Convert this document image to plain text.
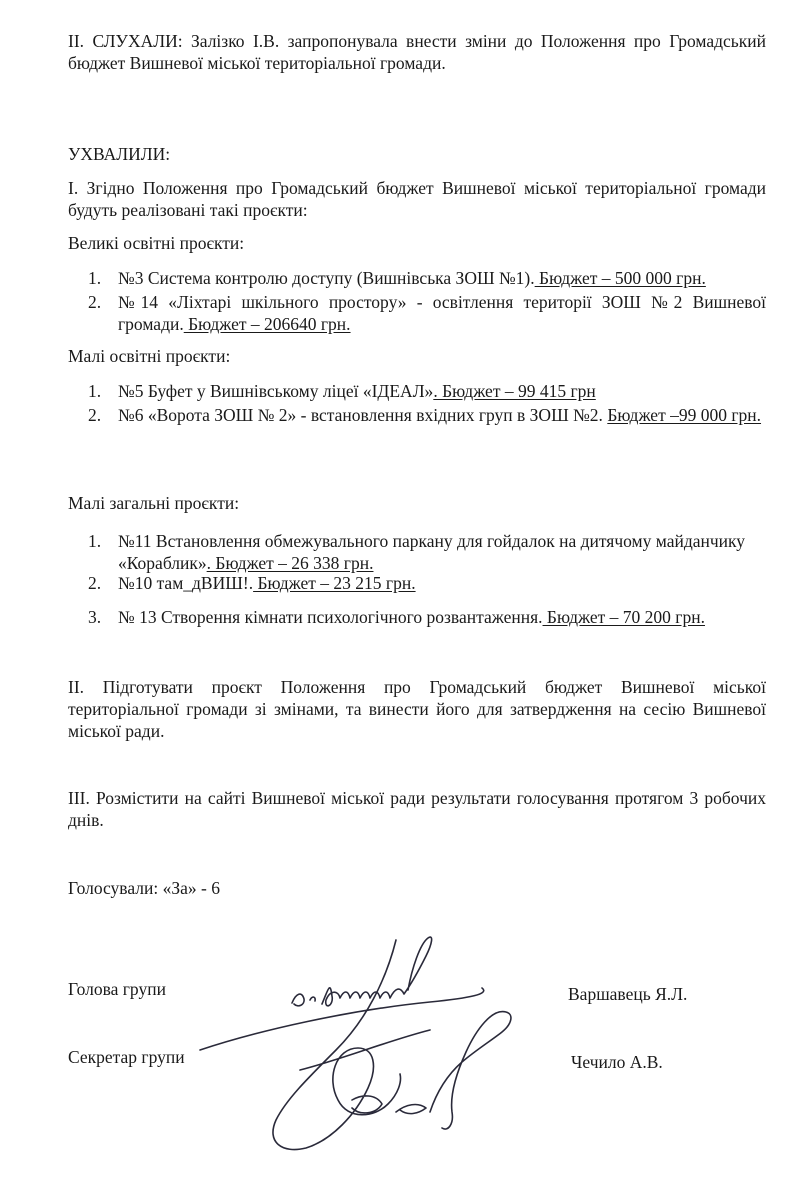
ІІ. СЛУХАЛИ: Залізко І.В. запропонувала внести зміни до Положення про Громадський бюджет Вишневої міської територіальної громади.

УХВАЛИЛИ:

І. Згідно Положення про Громадський бюджет Вишневої міської територіальної громади будуть реалізовані такі проєкти:

Великі освітні проєкти:

1. №3 Система контролю доступу (Вишнівська ЗОШ №1). Бюджет – 500 000 грн.
2. №14 «Ліхтарі шкільного простору» - освітлення території ЗОШ №2 Вишневої громади. Бюджет – 206640 грн.

Малі освітні проєкти:

1. №5 Буфет у Вишнівському ліцеї «ІДЕАЛ». Бюджет – 99 415 грн
2. №6 «Ворота ЗОШ № 2» - встановлення вхідних груп в ЗОШ №2. Бюджет –99 000 грн.

Малі загальні проєкти:

1. №11 Встановлення обмежувального паркану для гойдалок на дитячому майданчику «Кораблик». Бюджет – 26 338 грн.
2. №10 там_дВИШ!. Бюджет – 23 215 грн.
3. № 13 Створення кімнати психологічного розвантаження. Бюджет – 70 200 грн.

ІІ. Підготувати проєкт Положення про Громадський бюджет Вишневої міської територіальної громади зі змінами, та винести його для затвердження на сесію Вишневої міської ради.

ІІІ. Розмістити на сайті Вишневої міської ради результати голосування протягом 3 робочих днів.

Голосували: «За» - 6

Голова групи	Варшавець Я.Л.
Секретар групи	Чечило А.В.
